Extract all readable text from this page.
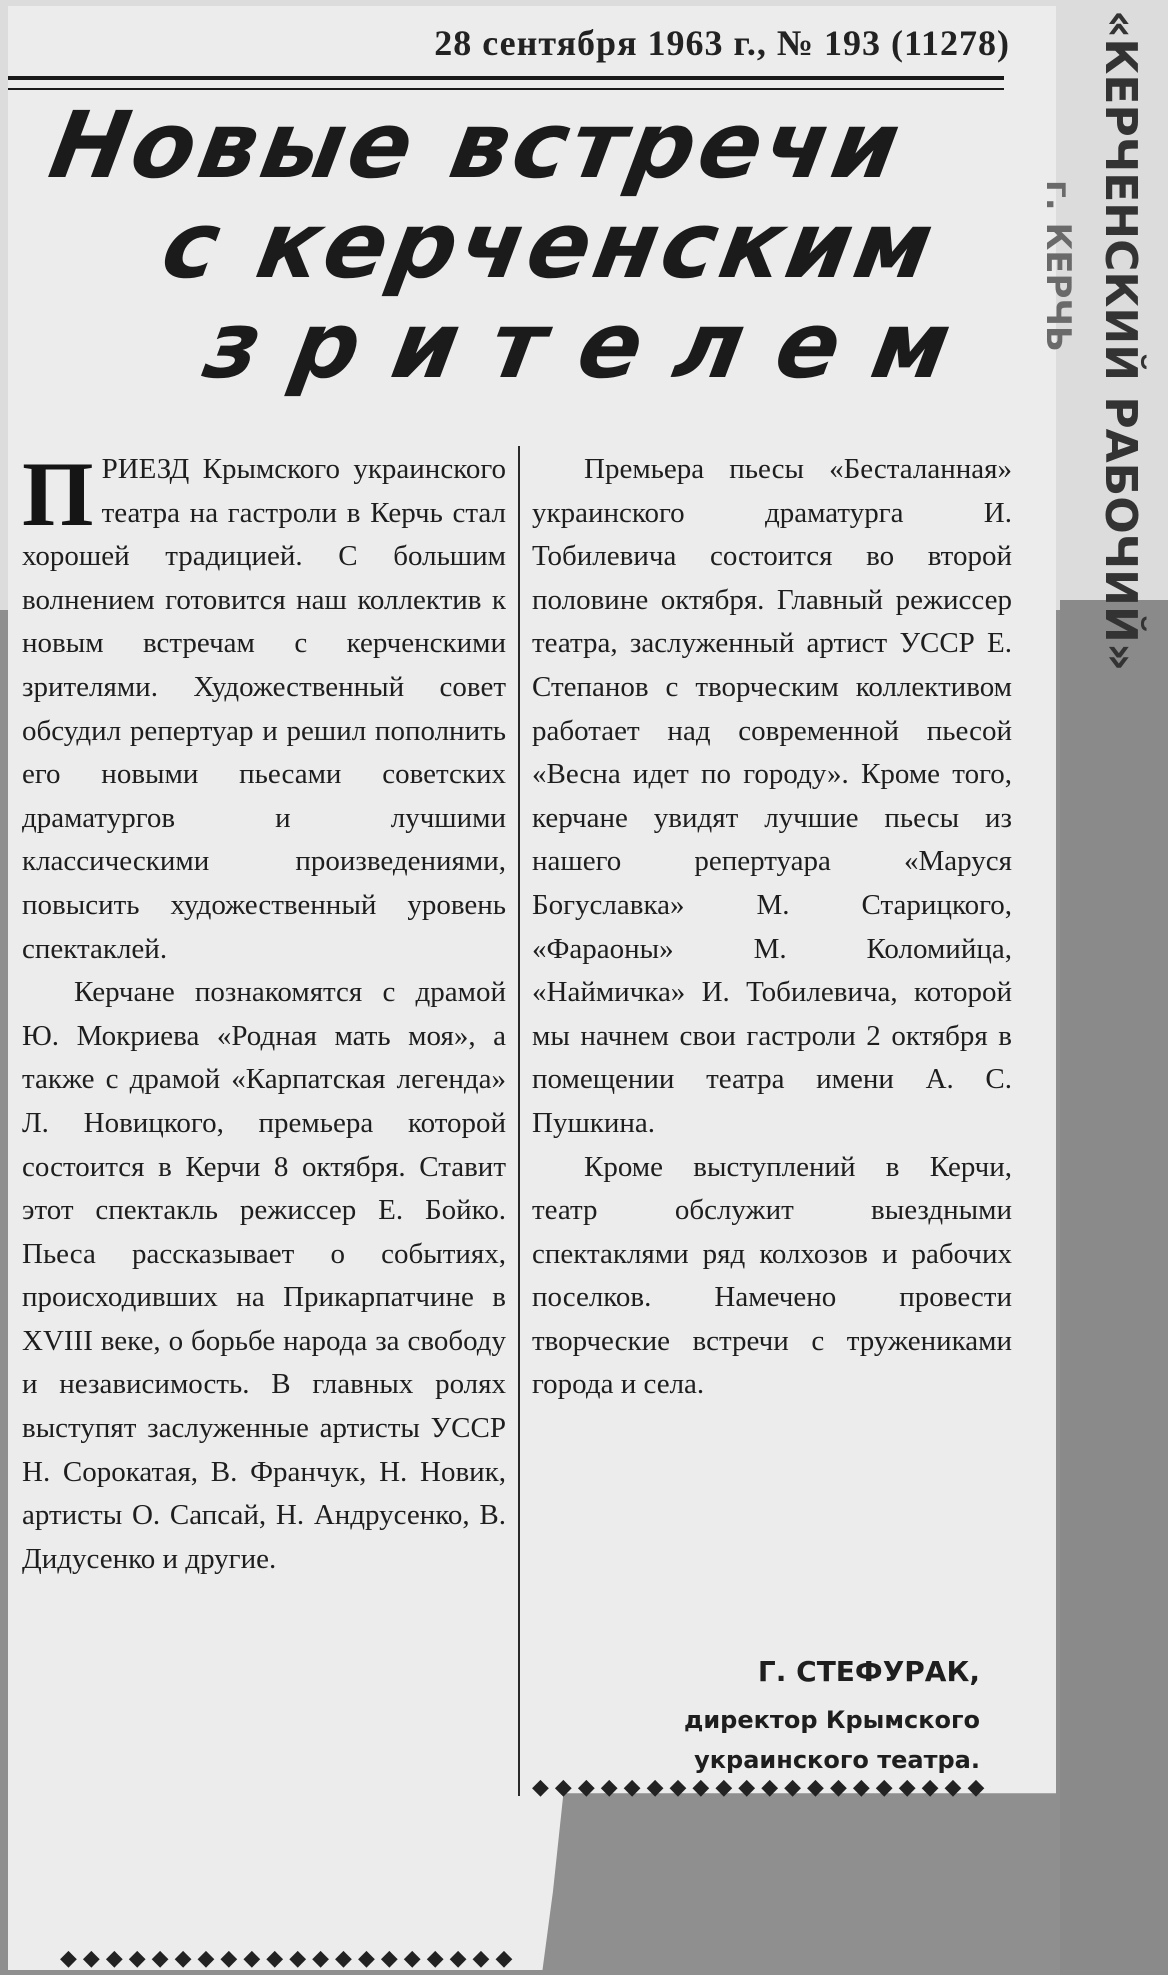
28 сентября 1963 г., № 193 (11278)
Новые встречи
с керченским
зрителем	«КЕРЧЕНСКИЙ РАБОЧИЙ»
г. КЕРЧЬ

ПРИЕЗД Крымского украинского театра на гастроли в Керчь стал хорошей традицией. С большим волнением готовится наш коллектив к новым встречам с керченскими зрителями. Художественный совет обсудил репертуар и решил пополнить его новыми пьесами советских драматургов и лучшими классическими произведениями, повысить художественный уровень спектаклей.

Керчане познакомятся с драмой Ю. Мокриева «Родная мать моя», а также с драмой «Карпатская легенда» Л. Новицкого, премьера которой состоится в Керчи 8 октября. Ставит этот спектакль режиссер Е. Бойко. Пьеса рассказывает о событиях, происходивших на Прикарпатчине в XVIII веке, о борьбе народа за свободу и независимость. В главных ролях выступят заслуженные артисты УССР Н. Сорокатая, В. Франчук, Н. Новик, артисты О. Сапсай, Н. Андрусенко, В. Дидусенко и другие.

Премьера пьесы «Бесталанная» украинского драматурга И. Тобилевича состоится во второй половине октября. Главный режиссер театра, заслуженный артист УССР Е. Степанов с творческим коллективом работает над современной пьесой «Весна идет по городу». Кроме того, керчане увидят лучшие пьесы из нашего репертуара «Маруся Богуславка» М. Старицкого, «Фараоны» М. Коломийца, «Наймичка» И. Тобилевича, которой мы начнем свои гастроли 2 октября в помещении театра имени А. С. Пушкина.

Кроме выступлений в Керчи, театр обслужит выездными спектаклями ряд колхозов и рабочих поселков. Намечено провести творческие встречи с тружениками города и села.

Г. СТЕФУРАК,
директор Крымского
украинского театра.
◆◆◆◆◆◆◆◆◆◆◆◆◆◆◆◆◆◆◆◆
◆◆◆◆◆◆◆◆◆◆◆◆◆◆◆◆◆◆◆◆
